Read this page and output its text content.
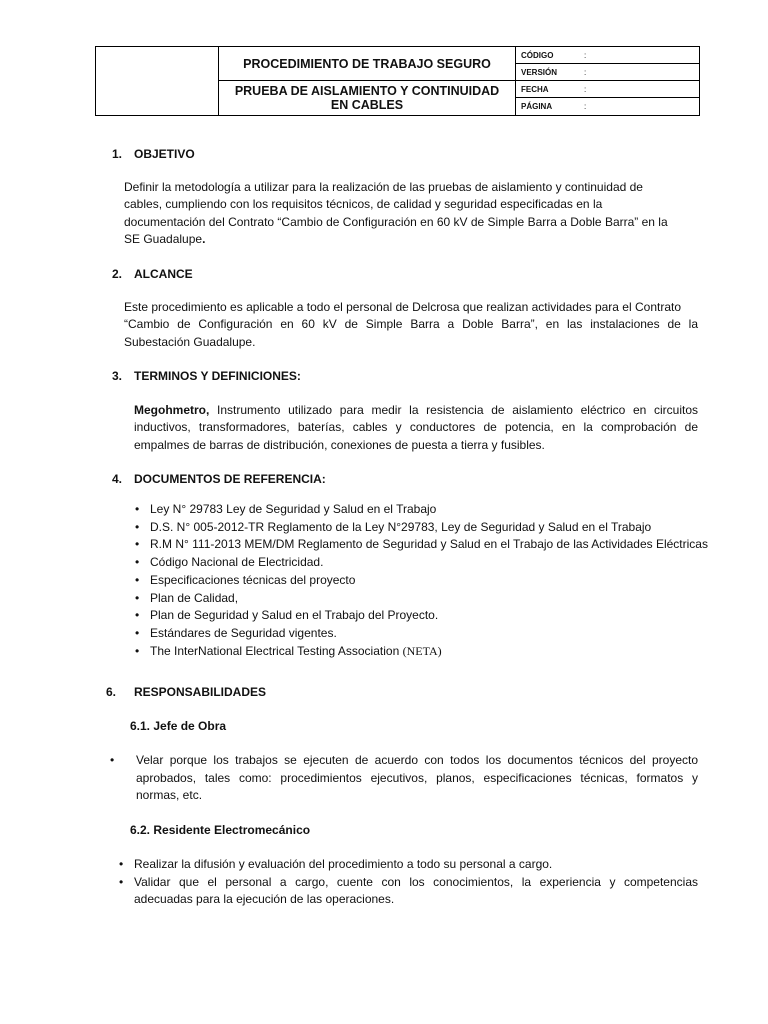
PROCEDIMIENTO DE TRABAJO SEGURO
PRUEBA DE AISLAMIENTO Y CONTINUIDAD
EN CABLES
CÓDIGO	:
VERSIÓN	:
FECHA	:
PÁGINA	:
1. OBJETIVO
Definir la metodología a utilizar para la realización de las pruebas de aislamiento y continuidad de
cables, cumpliendo con los requisitos técnicos, de calidad y seguridad especificadas en la
documentación del Contrato “Cambio de Configuración en 60 kV de Simple Barra a Doble Barra” en la
SE Guadalupe.
2. ALCANCE
Este procedimiento es aplicable a todo el personal de Delcrosa que realizan actividades para el Contrato
“Cambio de Configuración en 60 kV de Simple Barra a Doble Barra”, en las instalaciones de la
Subestación Guadalupe.
3. TERMINOS Y DEFINICIONES:
Megohmetro, Instrumento utilizado para medir la resistencia de aislamiento eléctrico en circuitos
inductivos, transformadores, baterías, cables y conductores de potencia, en la comprobación de
empalmes de barras de distribución, conexiones de puesta a tierra y fusibles.
4. DOCUMENTOS DE REFERENCIA:
• Ley N° 29783 Ley de Seguridad y Salud en el Trabajo
• D.S. N° 005-2012-TR Reglamento de la Ley N°29783, Ley de Seguridad y Salud en el Trabajo
• R.M N° 111-2013 MEM/DM Reglamento de Seguridad y Salud en el Trabajo de las Actividades Eléctricas
• Código Nacional de Electricidad.
• Especificaciones técnicas del proyecto
• Plan de Calidad,
• Plan de Seguridad y Salud en el Trabajo del Proyecto.
• Estándares de Seguridad vigentes.
• The InterNational Electrical Testing Association (NETA)
6. RESPONSABILIDADES
6.1. Jefe de Obra
• Velar porque los trabajos se ejecuten de acuerdo con todos los documentos técnicos del proyecto
aprobados, tales como: procedimientos ejecutivos, planos, especificaciones técnicas, formatos y
normas, etc.
6.2. Residente Electromecánico
• Realizar la difusión y evaluación del procedimiento a todo su personal a cargo.
• Validar que el personal a cargo, cuente con los conocimientos, la experiencia y competencias
adecuadas para la ejecución de las operaciones.
